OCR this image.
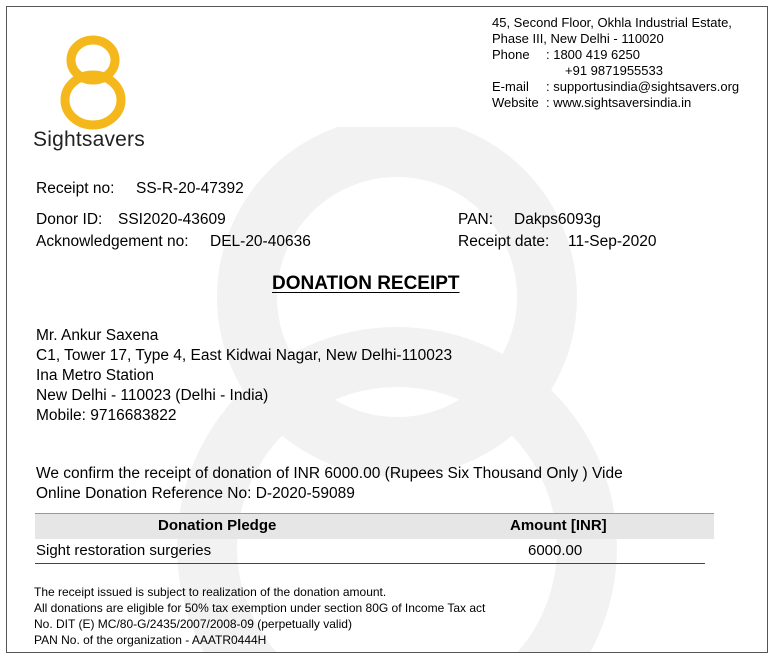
Sightsavers
45, Second Floor, Okhla Industrial Estate,
Phase III, New Delhi - 110020
Phone : 1800 419 6250
+91 9871955533
E-mail : supportusindia@sightsavers.org
Website : www.sightsaversindia.in
Receipt no: SS-R-20-47392
Donor ID: SSI2020-43609
Acknowledgement no: DEL-20-40636
PAN: Dakps6093g
Receipt date: 11-Sep-2020
DONATION RECEIPT
Mr. Ankur Saxena
C1, Tower 17, Type 4, East Kidwai Nagar, New Delhi-110023
Ina Metro Station
New Delhi - 110023 (Delhi - India)
Mobile: 9716683822
We confirm the receipt of donation of INR 6000.00 (Rupees Six Thousand Only ) Vide
Online Donation Reference No: D-2020-59089
Donation Pledge	Amount [INR]
Sight restoration surgeries	6000.00
The receipt issued is subject to realization of the donation amount.
All donations are eligible for 50% tax exemption under section 80G of Income Tax act
No. DIT (E) MC/80-G/2435/2007/2008-09 (perpetually valid)
PAN No. of the organization - AAATR0444H
